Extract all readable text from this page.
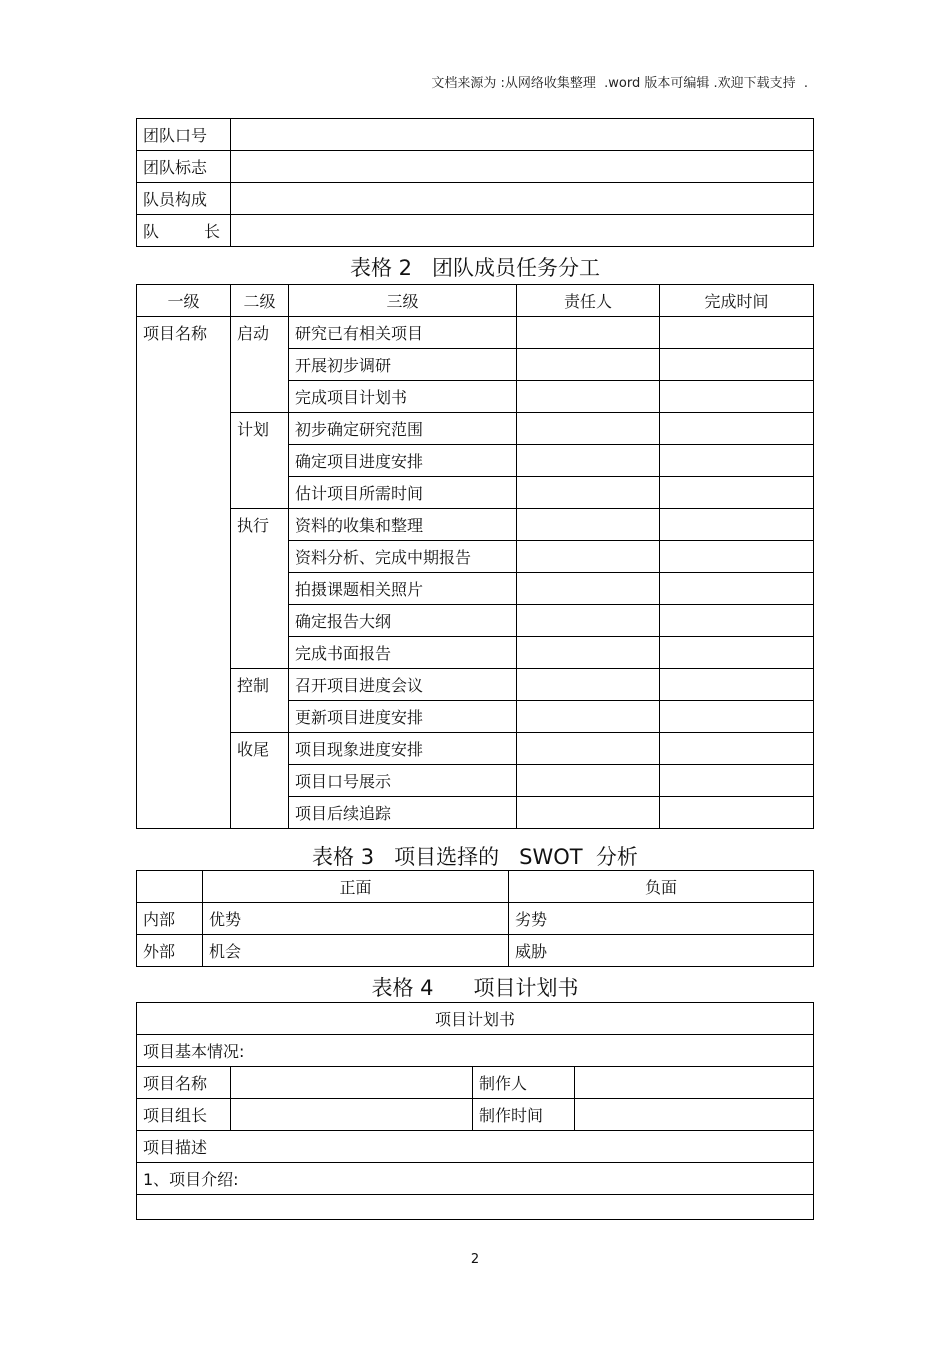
文档来源为 :从网络收集整理  .word 版本可编辑 .欢迎下载支持  .
团队口号	
团队标志	
队员构成	
队 长	

表格 2   团队成员任务分工
一级	二级	三级	责任人	完成时间
项目名称	启动	研究已有相关项目		
		开展初步调研		
		完成项目计划书		
	计划	初步确定研究范围		
		确定项目进度安排		
		估计项目所需时间		
	执行	资料的收集和整理		
		资料分析、完成中期报告		
		拍摄课题相关照片		
		确定报告大纲		
		完成书面报告		
	控制	召开项目进度会议		
		更新项目进度安排		
	收尾	项目现象进度安排		
		项目口号展示		
		项目后续追踪		
表格 3   项目选择的   SWOT  分析
	正面	负面
内部	优势	劣势
外部	机会	威胁
表格 4      项目计划书
项目计划书			
项目基本情况:			
项目名称		制作人	
项目组长		制作时间	
项目描述			
1、项目介绍:			

2
